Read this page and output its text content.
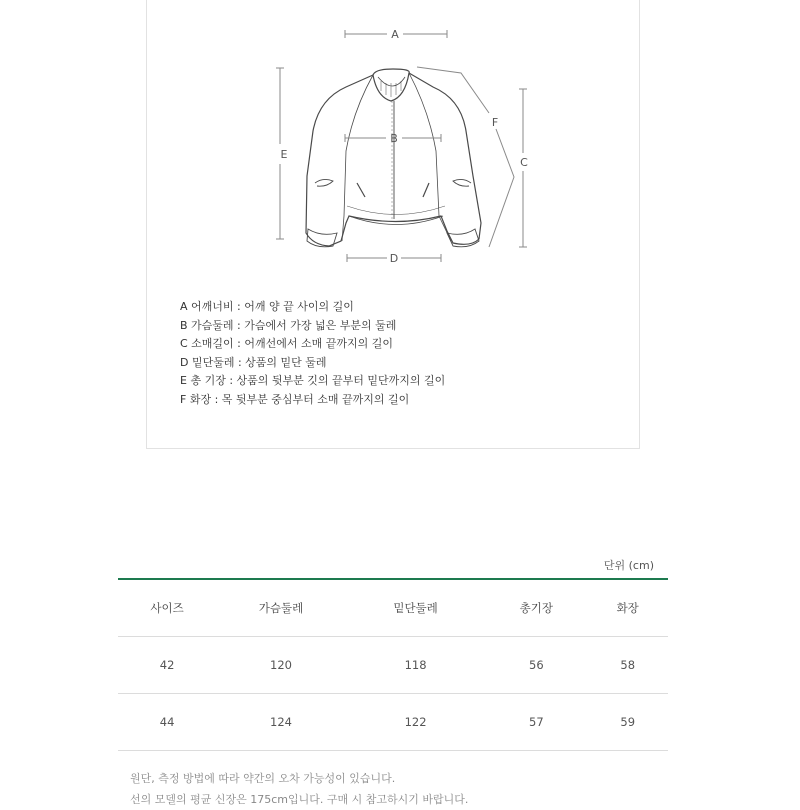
A
B
D
E
C
F
A 어깨너비 : 어깨 양 끝 사이의 길이
B 가슴둘레 : 가슴에서 가장 넓은 부분의 둘레
C 소매길이 : 어깨선에서 소매 끝까지의 길이
D 밑단둘레 : 상품의 밑단 둘레
E 총 기장 : 상품의 뒷부분 깃의 끝부터 밑단까지의 길이
F 화장 : 목 뒷부분 중심부터 소매 끝까지의 길이
단위 (cm)
사이즈	가슴둘레	밑단둘레	총기장	화장
42	120	118	56	58
44	124	122	57	59
원단, 측정 방법에 따라 약간의 오차 가능성이 있습니다.
선의 모델의 평균 신장은 175cm입니다. 구매 시 참고하시기 바랍니다.
